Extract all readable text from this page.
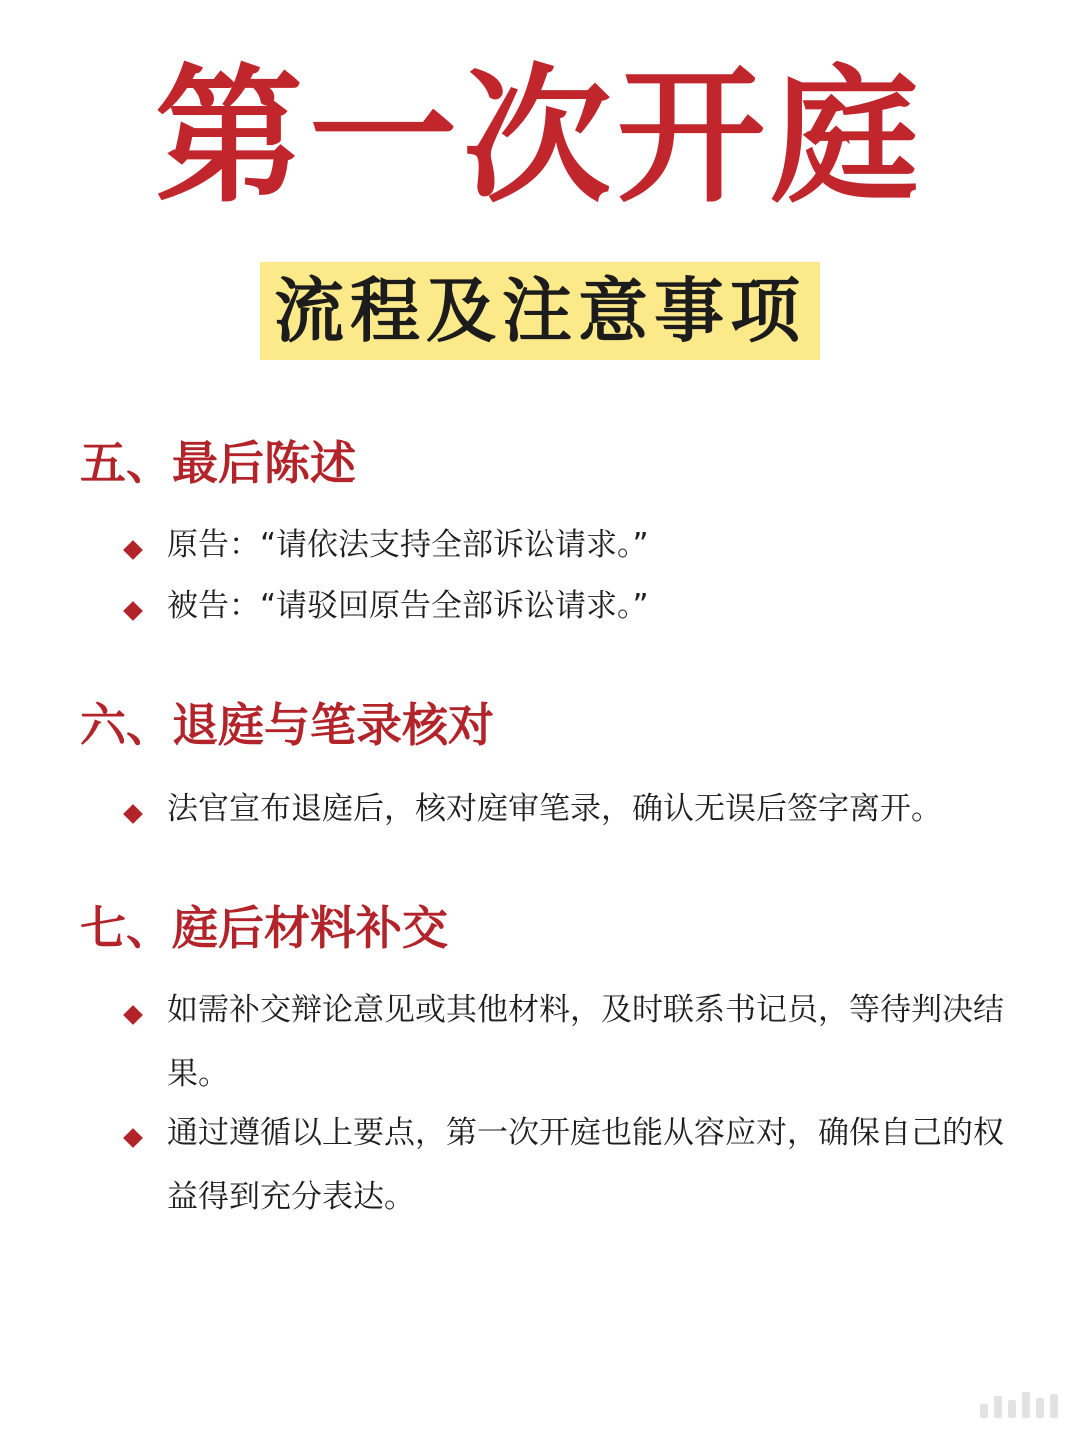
第一次开庭
流程及注意事项
五、最后陈述
原告：“请依法支持全部诉讼请求。”
被告：“请驳回原告全部诉讼请求。”
六、退庭与笔录核对
法官宣布退庭后，核对庭审笔录，确认无误后签字离开。
七、庭后材料补交
如需补交辩论意见或其他材料，及时联系书记员，等待判决结果。
通过遵循以上要点，第一次开庭也能从容应对，确保自己的权益得到充分表达。
